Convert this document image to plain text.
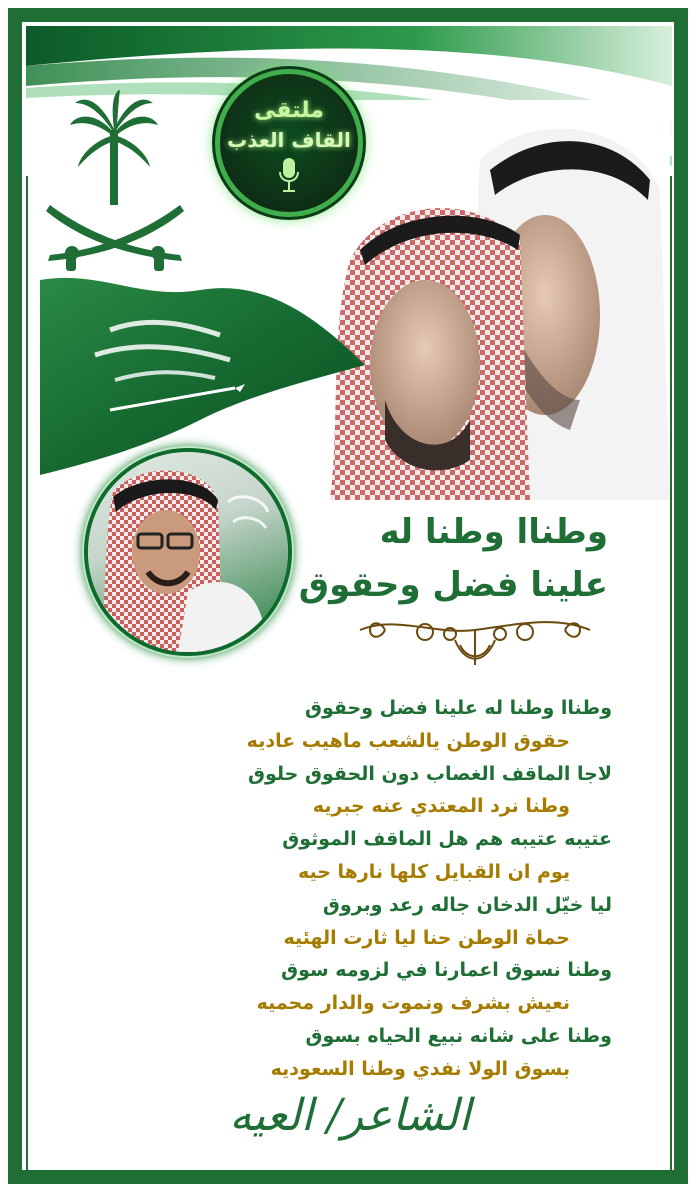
ملتقى
القاف العذب
وطناا وطنا له
علينا فضل وحقوق
وطناا وطنا له علينا فضل وحقوق
حقوق الوطن يالشعب ماهيب عاديه
لاجا الماقف الغصاب دون الحقوق حلوق
وطنا نرد المعتدي عنه جبريه
عتيبه عتيبه هم هل الماقف الموثوق
يوم ان القبايل كلها نارها حيه
ليا خيّل الدخان جاله رعد وبروق
حماة الوطن حنا ليا ثارت الهئيه
وطنا نسوق اعمارنا في لزومه سوق
نعيش بشرف ونموت والدار محميه
وطنا على شانه نبيع الحياه بسوق
بسوق الولا نفدي وطنا السعوديه
الشاعر/ العيه
